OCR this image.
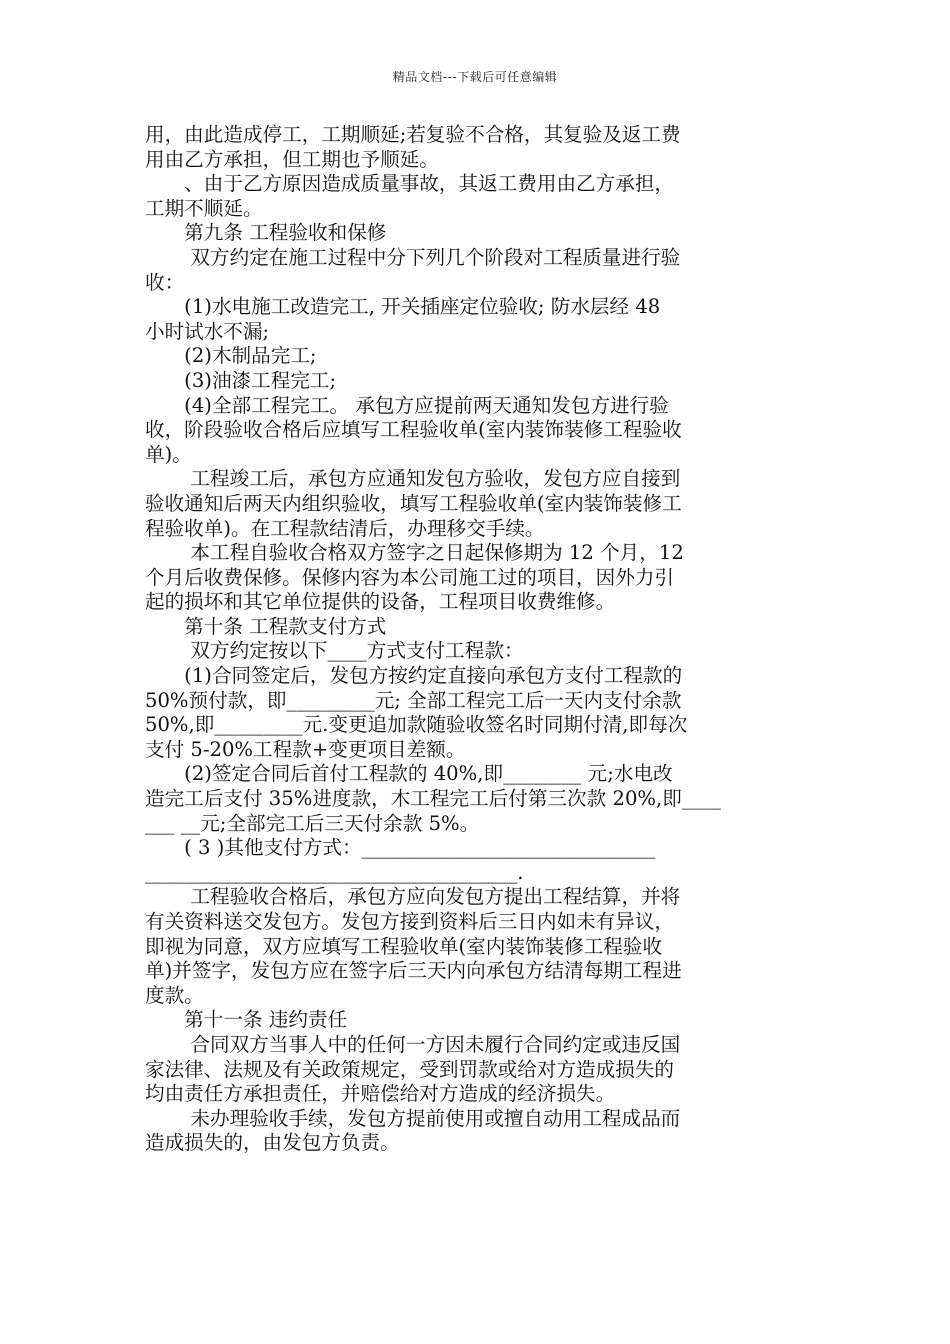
精品文档---下载后可任意编辑

用，由此造成停工，工期顺延;若复验不合格，其复验及返工费

用由乙方承担，但工期也予顺延。

　　、由于乙方原因造成质量事故，其返工费用由乙方承担，

工期不顺延。

　　第九条 工程验收和保修

　　 双方约定在施工过程中分下列几个阶段对工程质量进行验

收：

　　(1)水电施工改造完工, 开关插座定位验收; 防水层经 48

小时试水不漏;

　　(2)木制品完工;

　　(3)油漆工程完工;

　　(4)全部工程完工。 承包方应提前两天通知发包方进行验

收，阶段验收合格后应填写工程验收单(室内装饰装修工程验收

单)。

　　 工程竣工后，承包方应通知发包方验收，发包方应自接到

验收通知后两天内组织验收，填写工程验收单(室内装饰装修工

程验收单)。在工程款结清后，办理移交手续。

　　 本工程自验收合格双方签字之日起保修期为 12 个月，12

个月后收费保修。保修内容为本公司施工过的项目，因外力引

起的损坏和其它单位提供的设备，工程项目收费维修。

　　第十条 工程款支付方式

　　 双方约定按以下____方式支付工程款：

　　(1)合同签定后，发包方按约定直接向承包方支付工程款的

50%预付款，即_________元; 全部工程完工后一天内支付余款

50%,即_________元.变更追加款随验收签名时同期付清,即每次

支付 5-20%工程款+变更项目差额。

　　(2)签定合同后首付工程款的 40%,即________ 元;水电改

造完工后支付 35%进度款，木工程完工后付第三次款 20%,即____

___ __元;全部完工后三天付余款 5%。

　　( 3 )其他支付方式：______________________________

______________________________________.

　　 工程验收合格后，承包方应向发包方提出工程结算，并将

有关资料送交发包方。发包方接到资料后三日内如未有异议，

即视为同意，双方应填写工程验收单(室内装饰装修工程验收

单)并签字，发包方应在签字后三天内向承包方结清每期工程进

度款。

　　第十一条 违约责任

　　 合同双方当事人中的任何一方因未履行合同约定或违反国

家法律、法规及有关政策规定，受到罚款或给对方造成损失的

均由责任方承担责任，并赔偿给对方造成的经济损失。

　　 未办理验收手续，发包方提前使用或擅自动用工程成品而

造成损失的，由发包方负责。
